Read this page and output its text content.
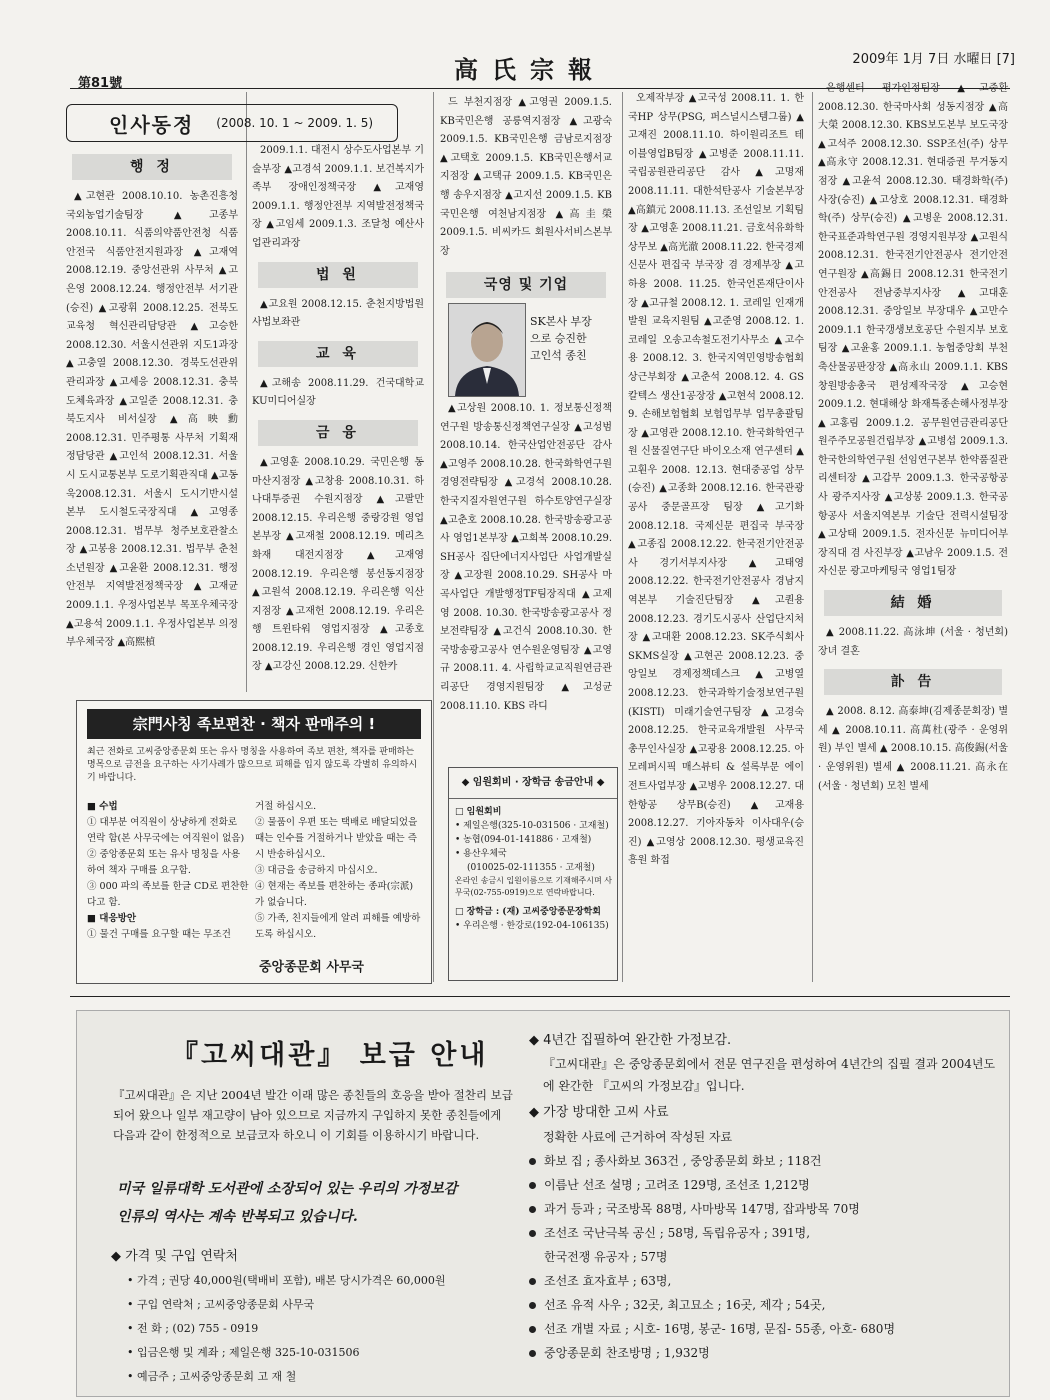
第81號	高氏宗報	2009年 1月 7日 水曜日 [7]
인사동정 (2008. 10. 1 ~ 2009. 1. 5)
행 정

▲고현관 2008.10.10. 농촌진흥청 국외농업기술팀장 ▲고종부 2008.10.11. 식품의약품안전청 식품안전국 식품안전지원과장 ▲고재역 2008.12.19. 중앙선관위 사무처 ▲고은영 2008.12.24. 행정안전부 서기관(승진) ▲고광휘 2008.12.25. 전북도교육청 혁신관리담당관 ▲고승한 2008.12.30. 서울시선관위 지도1과장 ▲고충열 2008.12.30. 경북도선관위 관리과장 ▲고세응 2008.12.31. 충북도체육과장 ▲고일준 2008.12.31. 충북도지사 비서실장 ▲高映勳 2008.12.31. 민주평통 사무처 기획재정담당관 ▲고인석 2008.12.31. 서울시 도시교통본부 도로기획관직대 ▲고동욱2008.12.31. 서울시 도시기반시설본부 도시철도국장직대 ▲고영종 2008.12.31. 법무부 청주보호관찰소장 ▲고봉용 2008.12.31. 법무부 춘천소년원장 ▲고윤환 2008.12.31. 행정안전부 지역발전정책국장 ▲고재균 2009.1.1. 우정사업본부 목포우체국장 ▲고용석 2009.1.1. 우정사업본부 의정부우체국장 ▲高熙楨

2009.1.1. 대전시 상수도사업본부 기술부장 ▲고경석 2009.1.1. 보건복지가족부 장애인정책국장 ▲고재영 2009.1.1. 행정안전부 지역발전정책국장 ▲고임세 2009.1.3. 조달청 예산사업관리과장

법 원

▲고요원 2008.12.15. 춘천지방법원 사법보좌관

교 육

▲고해송 2008.11.29. 건국대학교 KU미디어실장

금 융

▲고영훈 2008.10.29. 국민은행 동마산지점장 ▲고창용 2008.10.31. 하나대투증권 수원지점장 ▲고팔만 2008.12.15. 우리은행 중랑강원 영업본부장 ▲고재철 2008.12.19. 메리츠화재 대전지점장 ▲고재영 2008.12.19. 우리은행 봉선동지점장 ▲고원석 2008.12.19. 우리은행 익산지점장 ▲고재헌 2008.12.19. 우리은행 트윈타워 영업지점장 ▲고종호 2008.12.19. 우리은행 경인 영업지점장 ▲고강신 2008.12.29. 신한카

드 부천지점장 ▲고영권 2009.1.5. KB국민은행 공릉역지점장 ▲고광숙 2009.1.5. KB국민은행 금남로지점장 ▲고택호 2009.1.5. KB국민은행서교지점장 ▲고택규 2009.1.5. KB국민은행 송우지점장 ▲고지선 2009.1.5. KB국민은행 여천남지점장 ▲高圭榮 2009.1.5. 비씨카드 회원사서비스본부장

국영 및 기업
SK본사 부장으로 승진한 고인석 종친

▲고상원 2008.10. 1. 정보통신정책연구원 방송통신정책연구실장 ▲고성범 2008.10.14. 한국산업안전공단 감사 ▲고영주 2008.10.28. 한국화학연구원 경영전략팀장 ▲고경석 2008.10.28. 한국지질자원연구원 하수토양연구실장 ▲고춘호 2008.10.28. 한국방송광고공사 영업1본부장 ▲고희복 2008.10.29. SH공사 집단에너지사업단 사업개발실장 ▲고장원 2008.10.29. SH공사 마곡사업단 개발행정TF팀장직대 ▲고제영 2008. 10.30. 한국방송광고공사 정보전략팀장 ▲고건식 2008.10.30. 한국방송광고공사 연수원운영팀장 ▲고영규 2008.11. 4. 사립학교교직원연금관리공단 경영지원팀장 ▲고성균 2008.11.10. KBS 라디

◆ 임원회비 · 장학금 송금안내 ◆
□ 임원회비
• 제일은행(325-10-031506 · 고재철)
• 농협(094-01-141886 · 고재철)
• 용산우체국
(010025-02-111355 · 고재철)
온라인 송금시 입원이름으로 기재해주시며 사무국(02-755-0919)으로 연락바랍니다.
□ 장학금 : (재) 고씨중앙종문장학회
• 우리은행 · 한강로(192-04-106135)

오제작부장 ▲고국성 2008.11. 1. 한국HP 상무(PSG, 퍼스널시스템그룹) ▲고재진 2008.11.10. 하이원리조트 테이블영업B팀장 ▲고병준 2008.11.11. 국립공원관리공단 감사 ▲고명재 2008.11.11. 대한석탄공사 기술본부장 ▲高鎮元 2008.11.13. 조선일보 기획팀장 ▲고영훈 2008.11.21. 금호석유화학 상무보 ▲高光澈 2008.11.22. 한국경제신문사 편집국 부국장 겸 경제부장 ▲고하용 2008. 11.25. 한국언론재단이사장 ▲고규철 2008.12. 1. 코레일 인재개발원 교육지원팀 ▲고준영 2008.12. 1. 코레일 오송고속철도전기사무소 ▲고수용 2008.12. 3. 한국지역민영방송협회 상근부회장 ▲고춘석 2008.12. 4. GS칼텍스 생산1공장장 ▲고현석 2008.12. 9. 손해보험협회 보험업무부 업무총괄팀장 ▲고영관 2008.12.10. 한국화학연구원 신물질연구단 바이오소재 연구센터 ▲고훤우 2008. 12.13. 현대중공업 상무(승진) ▲고종화 2008.12.16. 한국관광공사 중문골프장 팀장 ▲고기화 2008.12.18. 국제신문 편집국 부국장 ▲고종집 2008.12.22. 한국전기안전공사 경기서부지사장 ▲고태영 2008.12.22. 한국전기안전공사 경남지역본부 기술진단팀장 ▲고퀀용 2008.12.23. 경기도시공사 산업단지처장 ▲고대환 2008.12.23. SK주식회사 SKMS실장 ▲고현곤 2008.12.23. 중앙일보 경제정책데스크 ▲고병열 2008.12.23. 한국과학기술정보연구원(KISTI) 미래기술연구팀장 ▲고경숙 2008.12.25. 한국교육개발원 사무국 총무인사실장 ▲고광용 2008.12.25. 아모레퍼시픽 매스뷰티 & 설록부문 에이전트사업부장 ▲고병우 2008.12.27. 대한항공 상무B(승진) ▲고재용 2008.12.27. 기아자동차 이사대우(승진) ▲고영상 2008.12.30. 평생교육진흥원 화접

은행센터 평가인정팀장 ▲고중환 2008.12.30. 한국마사회 성동지점장 ▲高大榮 2008.12.30. KBS보도본부 보도국장 ▲고석주 2008.12.30. SSP조선(주) 상무 ▲高永守 2008.12.31. 현대증권 무거동지점장 ▲고윤석 2008.12.30. 태경화학(주) 사장(승진) ▲고상호 2008.12.31. 태경화학(주) 상무(승진) ▲고병운 2008.12.31. 한국표준과학연구원 경영지원부장 ▲고원식 2008.12.31. 한국전기안전공사 전기안전연구원장 ▲高錫日 2008.12.31 한국전기안전공사 전남중부지사장 ▲고대훈 2008.12.31. 중앙일보 부장대우 ▲고만수 2009.1.1 한국갱생보호공단 수원지부 보호팀장 ▲고윤홍 2009.1.1. 농협중앙회 부천축산물공판장장 ▲高永山 2009.1.1. KBS 창원방송총국 편성제작국장 ▲고승현 2009.1.2. 현대해상 화재특종손해사정부장 ▲고홍림 2009.1.2. 공무원연금관리공단 원주주모공원건립부장 ▲고병섭 2009.1.3. 한국한의학연구원 선임연구본부 한약품질관리센터장 ▲고갑무 2009.1.3. 한국공항공사 광주지사장 ▲고상봉 2009.1.3. 한국공항공사 서울지역본부 기술단 전력시설팀장 ▲고상태 2009.1.5. 전자신문 뉴미디어부장직대 겸 사진부장 ▲고남우 2009.1.5. 전자신문 광고마케팅국 영업1팀장

結 婚

▲ 2008.11.22. 高泳坤 (서울 · 청년회) 장녀 결혼

訃 告

▲ 2008. 8.12. 高泰坤(김제종문회장) 별세 ▲ 2008.10.11. 高萬杜(광주 · 운영위원) 부인 별세 ▲ 2008.10.15. 高俊錫(서울 · 운영위원) 별세 ▲ 2008.11.21. 高永在(서울 · 청년회) 모친 별세

宗門사칭 족보편찬 · 책자 판매주의 !
최근 전화로 고씨중앙종문회 또는 유사 명칭을 사용하여 족보 편찬, 책자를 판매하는 명목으로 금전을 요구하는 사기사례가 많으므로 피해를 입지 않도록 각별히 유의하시기 바랍니다.
■ 수법
① 대부분 여직원이 상냥하게 전화로 연락 함(본 사무국에는 여직원이 없음)
② 중앙종문회 또는 유사 명칭을 사용하여 책자 구매를 요구함.
③ 000 파의 족보를 한글 CD로 편찬한다고 함.
■ 대응방안
① 물건 구매를 요구할 때는 무조건
거절 하십시오.
② 물품이 우편 또는 택배로 배달되었을 때는 인수를 거절하거나 받았을 때는 즉시 반송하십시오.
③ 대금을 송금하지 마십시오.
④ 현재는 족보를 편찬하는 종파(宗派)가 없습니다.
⑤ 가족, 친지들에게 알려 피해를 예방하도록 하십시오.
중앙종문회 사무국
『고씨대관』 보급 안내
『고씨대관』은 지난 2004년 발간 이래 많은 종친들의 호응을 받아 절찬리 보급되어 왔으나 일부 재고량이 남아 있으므로 지금까지 구입하지 못한 종친들에게 다음과 같이 한정적으로 보급코자 하오니 이 기회를 이용하시기 바랍니다.
미국 일류대학 도서관에 소장되어 있는 우리의 가정보감
인류의 역사는 계속 반복되고 있습니다.
◆ 가격 및 구입 연락처
• 가격 ; 권당 40,000원(택배비 포함), 배본 당시가격은 60,000원
• 구입 연락처 ; 고씨중앙종문회 사무국
• 전 화 ; (02) 755 - 0919
• 입금은행 및 계좌 ; 제일은행 325-10-031506
• 예금주 ; 고씨중앙종문회 고 재 철
◆ 4년간 집필하여 완간한 가정보감.
『고씨대관』은 중앙종문회에서 전문 연구진을 편성하여 4년간의 집필 결과 2004년도에 완간한 『고씨의 가정보감』입니다.
◆ 가장 방대한 고씨 사료
정확한 사료에 근거하여 작성된 자료
화보 집 ; 종사화보 363건 , 중앙종문회 화보 ; 118건
이름난 선조 설명 ; 고려조 129명, 조선조 1,212명
과거 등과 ; 국조방목 88명, 사마방목 147명, 잡과방목 70명
조선조 국난극복 공신 ; 58명, 독립유공자 ; 391명,
한국전쟁 유공자 ; 57명
조선조 효자효부 ; 63명,
선조 유적 사우 ; 32곳, 최고묘소 ; 16곳, 제각 ; 54곳,
선조 개별 자료 ; 시호- 16명, 봉군- 16명, 문집- 55종, 아호- 680명
중앙종문회 찬조방명 ; 1,932명
